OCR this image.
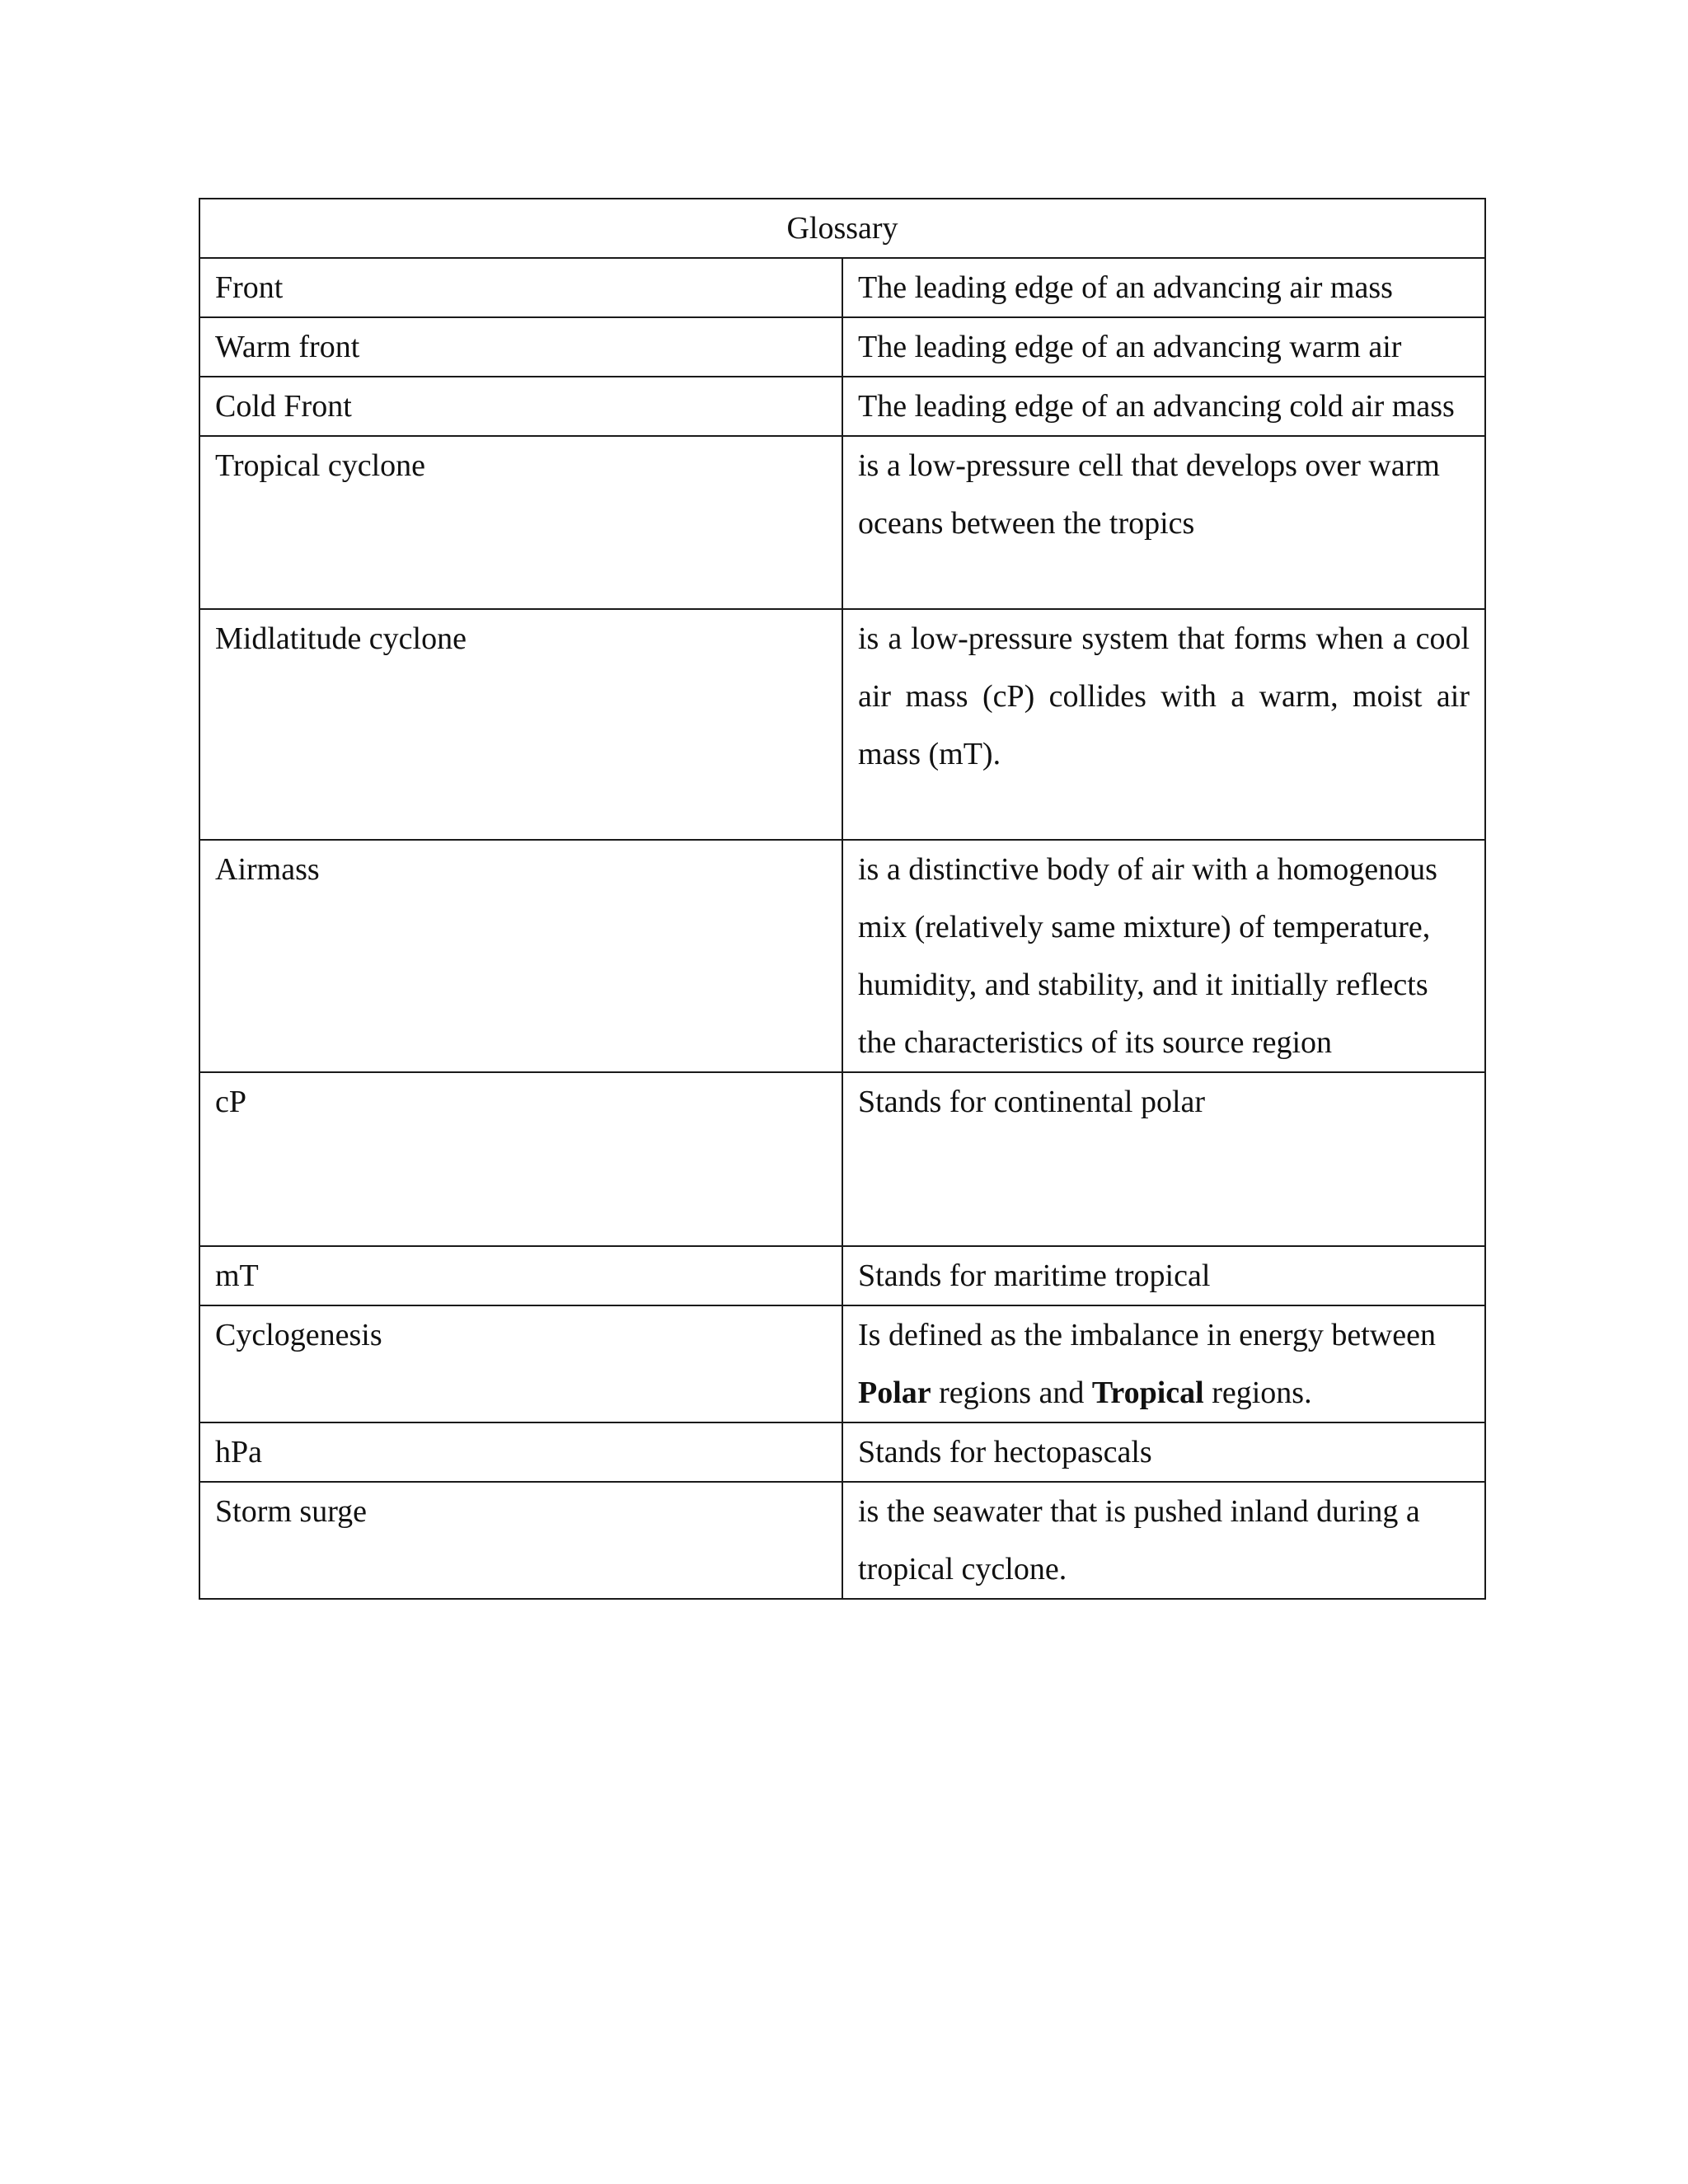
Glossary	
Front	The leading edge of an advancing air mass
Warm front	The leading edge of an advancing warm air
Cold Front	The leading edge of an advancing cold air mass
Tropical cyclone	is a low-pressure cell that develops over warm oceans between the tropics
Midlatitude cyclone	is a low-pressure system that forms when a cool air mass (cP) collides with a warm, moist air mass (mT).
Airmass	is a distinctive body of air with a homogenous mix (relatively same mixture) of temperature, humidity, and stability, and it initially reflects the characteristics of its source region
cP	Stands for continental polar
mT	Stands for maritime tropical
Cyclogenesis	Is defined as the imbalance in energy between Polar regions and Tropical regions.
hPa	Stands for hectopascals
Storm surge	is the seawater that is pushed inland during a tropical cyclone.
